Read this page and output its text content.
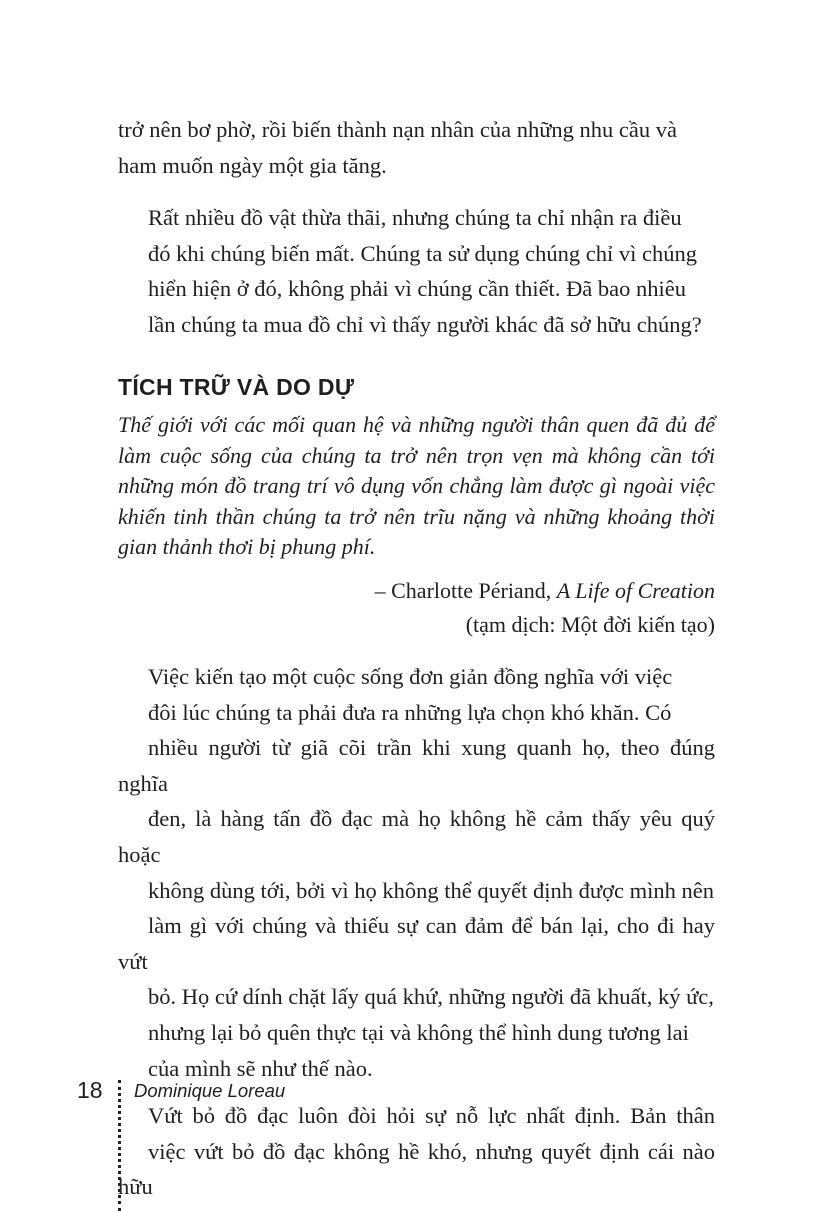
trở nên bơ phờ, rồi biến thành nạn nhân của những nhu cầu và
ham muốn ngày một gia tăng.

Rất nhiều đồ vật thừa thãi, nhưng chúng ta chỉ nhận ra điều
đó khi chúng biến mất. Chúng ta sử dụng chúng chỉ vì chúng
hiển hiện ở đó, không phải vì chúng cần thiết. Đã bao nhiêu
lần chúng ta mua đồ chỉ vì thấy người khác đã sở hữu chúng?

TÍCH TRỮ VÀ DO DỰ

Thế giới với các mối quan hệ và những người thân quen đã đủ để
làm cuộc sống của chúng ta trở nên trọn vẹn mà không cần tới
những món đồ trang trí vô dụng vốn chẳng làm được gì ngoài việc
khiến tinh thần chúng ta trở nên trĩu nặng và những khoảng thời
gian thảnh thơi bị phung phí.

– Charlotte Périand, A Life of Creation

(tạm dịch: Một đời kiến tạo)

Việc kiến tạo một cuộc sống đơn giản đồng nghĩa với việc
đôi lúc chúng ta phải đưa ra những lựa chọn khó khăn. Có
nhiều người từ giã cõi trần khi xung quanh họ, theo đúng nghĩa
đen, là hàng tấn đồ đạc mà họ không hề cảm thấy yêu quý hoặc
không dùng tới, bởi vì họ không thể quyết định được mình nên
làm gì với chúng và thiếu sự can đảm để bán lại, cho đi hay vứt
bỏ. Họ cứ dính chặt lấy quá khứ, những người đã khuất, ký ức,
nhưng lại bỏ quên thực tại và không thể hình dung tương lai
của mình sẽ như thế nào.

Vứt bỏ đồ đạc luôn đòi hỏi sự nỗ lực nhất định. Bản thân
việc vứt bỏ đồ đạc không hề khó, nhưng quyết định cái nào hữu

18 Dominique Loreau
